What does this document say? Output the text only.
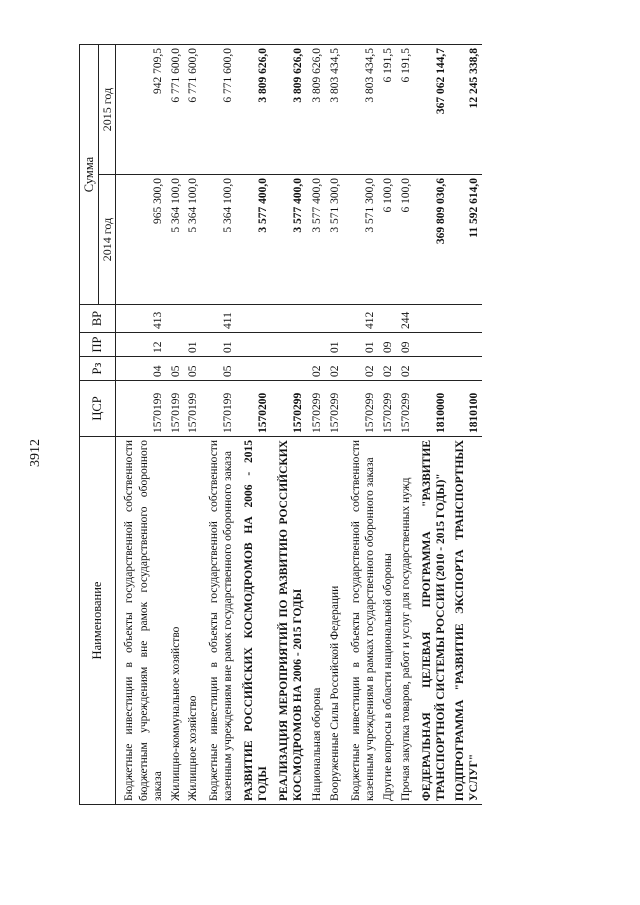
3912
Наименование	ЦСР	Рз	ПР	ВР	Сумма	
					2014 год	2015 год
Бюджетные инвестиции в объекты государственной собственности бюджетным учреждениям вне рамок государственного оборонного заказа	1570199	04	12	413	965 300,0	942 709,5
Жилищно-коммунальное хозяйство	1570199	05			5 364 100,0	6 771 600,0
Жилищное хозяйство	1570199	05	01		5 364 100,0	6 771 600,0
Бюджетные инвестиции в объекты государственной собственности казенным учреждениям вне рамок государственного оборонного заказа	1570199	05	01	411	5 364 100,0	6 771 600,0
РАЗВИТИЕ РОССИЙСКИХ КОСМОДРОМОВ НА 2006 - 2015 ГОДЫ	1570200				3 577 400,0	3 809 626,0
РЕАЛИЗАЦИЯ МЕРОПРИЯТИЙ ПО РАЗВИТИЮ РОССИЙСКИХ КОСМОДРОМОВ НА 2006 - 2015 ГОДЫ	1570299				3 577 400,0	3 809 626,0
Национальная оборона	1570299	02			3 577 400,0	3 809 626,0
Вооруженные Силы Российской Федерации	1570299	02	01		3 571 300,0	3 803 434,5
Бюджетные инвестиции в объекты государственной собственности казенным учреждениям в рамках государственного оборонного заказа	1570299	02	01	412	3 571 300,0	3 803 434,5
Другие вопросы в области национальной обороны	1570299	02	09		6 100,0	6 191,5
Прочая закупка товаров, работ и услуг для государственных нужд	1570299	02	09	244	6 100,0	6 191,5
ФЕДЕРАЛЬНАЯ ЦЕЛЕВАЯ ПРОГРАММА "РАЗВИТИЕ ТРАНСПОРТНОЙ СИСТЕМЫ РОССИИ (2010 - 2015 ГОДЫ)"	1810000				369 809 030,6	367 062 144,7
ПОДПРОГРАММА "РАЗВИТИЕ ЭКСПОРТА ТРАНСПОРТНЫХ УСЛУГ"	1810100				11 592 614,0	12 245 338,8
